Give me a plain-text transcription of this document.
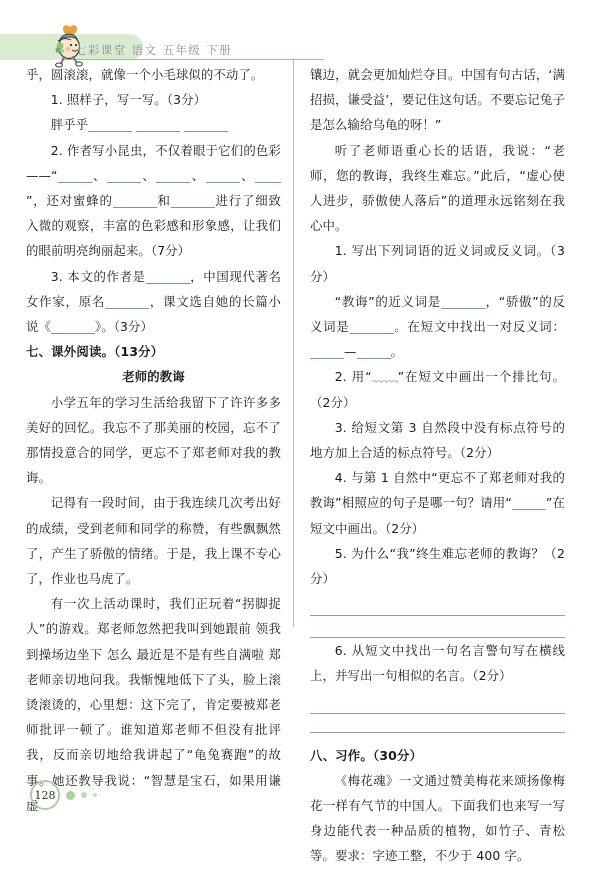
七彩课堂 语文 五年级 下册

乎，圆滚滚，就像一个小毛球似的不动了。

1. 照样子，写一写。（3分）

胖乎乎

2. 作者写小昆虫，不仅着眼于它们的色彩——“	、	、	、	、”，还对蜜蜂的	和	进行了细致入微的观察，丰富的色彩感和形象感，让我们的眼前明亮绚丽起来。（7分）

3. 本文的作者是	，中国现代著名女作家，原名	，课文选自她的长篇小说《	》。（3分）

七、课外阅读。（13分）

老师的教诲

小学五年的学习生活给我留下了许许多多美好的回忆。我忘不了那美丽的校园，忘不了那情投意合的同学，更忘不了郑老师对我的教诲。

记得有一段时间，由于我连续几次考出好的成绩，受到老师和同学的称赞，有些飘飘然了，产生了骄傲的情绪。于是，我上课不专心了，作业也马虎了。

有一次上活动课时，我们正玩着“拐脚捉人”的游戏。郑老师忽然把我叫到她跟前 领我到操场边坐下 怎么 最近是不是有些自满啦 郑老师亲切地问我。我惭愧地低下了头，脸上滚烫滚烫的，心里想：这下完了，肯定要被郑老师批评一顿了。谁知道郑老师不但没有批评我，反而亲切地给我讲起了“龟兔赛跑”的故事。她还教导我说：“智慧是宝石，如果用谦虚

镶边，就会更加灿烂夺目。中国有句古话，‘满招损，谦受益’，要记住这句话。不要忘记兔子是怎么输给乌龟的呀！”

听了老师语重心长的话语，我说：“老师，您的教诲，我终生难忘。”此后，“虚心使人进步，骄傲使人落后”的道理永远铭刻在我心中。

1. 写出下列词语的近义词或反义词。（3分）

“教诲”的近义词是	，“骄傲”的反义词是	。在短文中找出一对反义词：—	。

2. 用“ ”在短文中画出一个排比句。（2分）

3. 给短文第 3 自然段中没有标点符号的地方加上合适的标点符号。（2分）

4. 与第 1 自然中“更忘不了郑老师对我的教诲”相照应的句子是哪一句？请用“	”在短文中画出。（2分）

5. 为什么“我”终生难忘老师的教诲？（2分）

6. 从短文中找出一句名言警句写在横线上，并写出一句相似的名言。（2分）

八、习作。（30分）

《梅花魂》一文通过赞美梅花来颂扬像梅花一样有气节的中国人。下面我们也来写一写身边能代表一种品质的植物，如竹子、青松等。要求：字迹工整，不少于 400 字。

128
